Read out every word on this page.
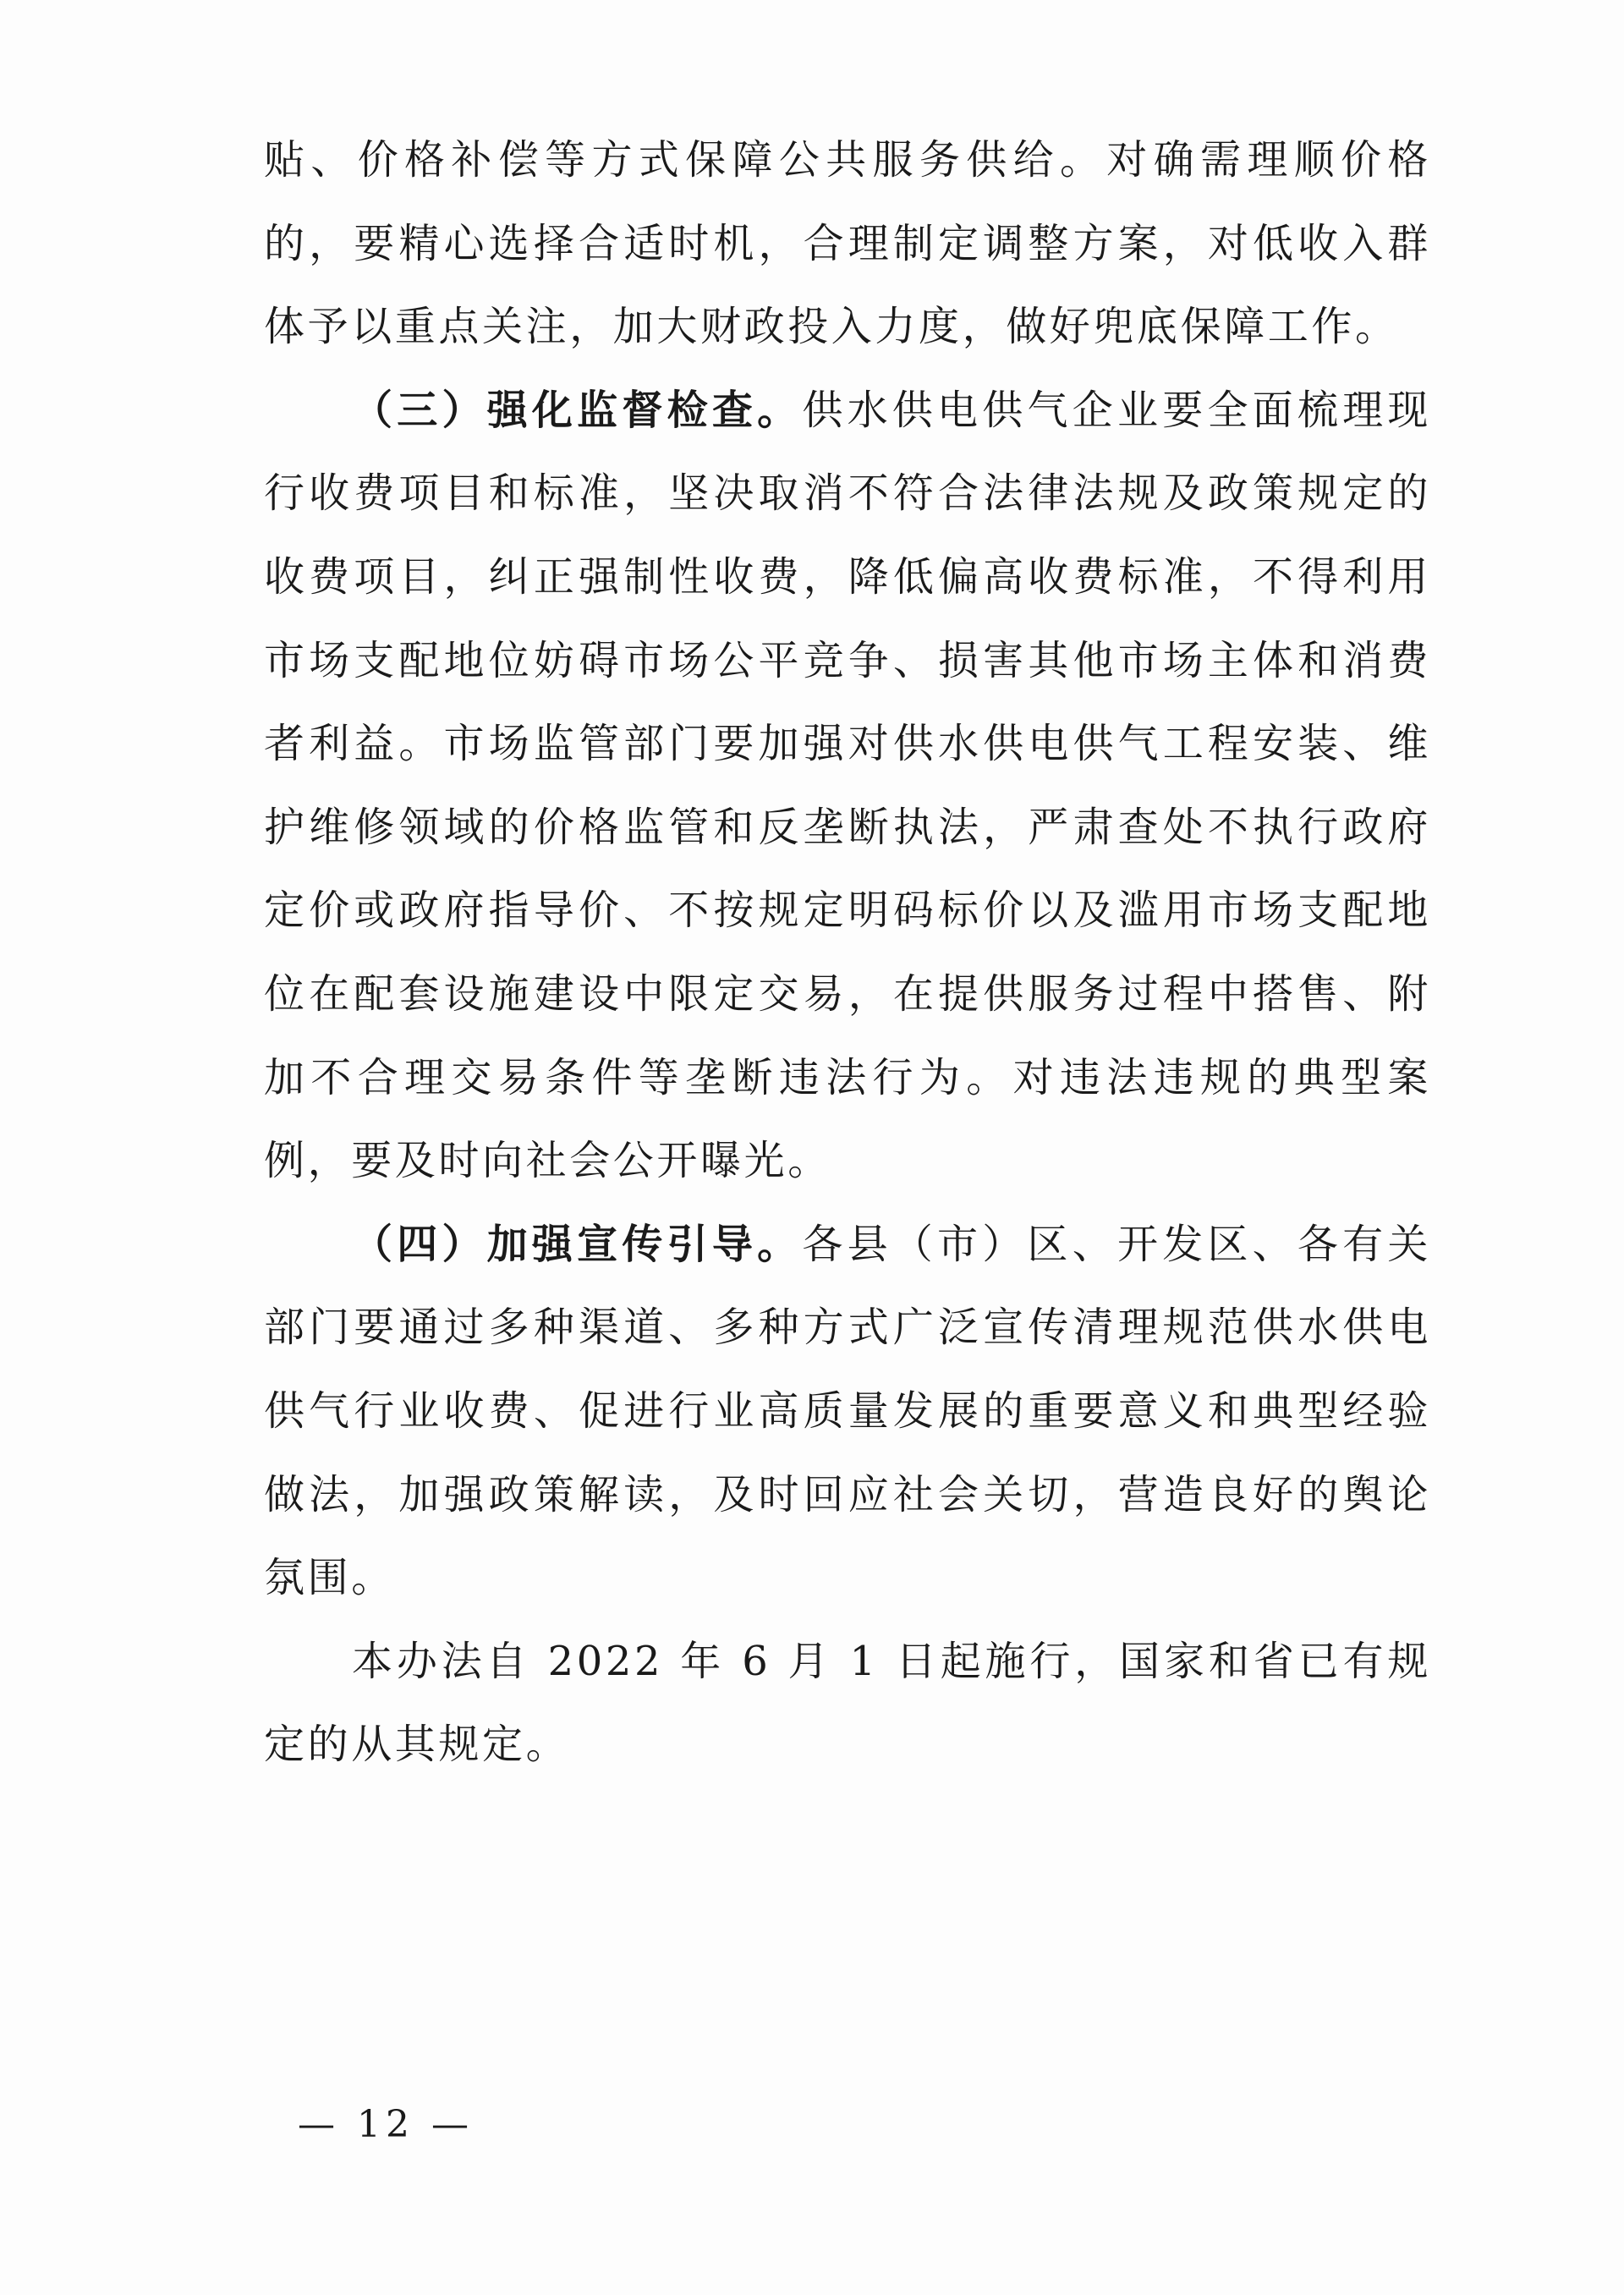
贴、价格补偿等方式保障公共服务供给。对确需理顺价格的，要精心选择合适时机，合理制定调整方案，对低收入群体予以重点关注，加大财政投入力度，做好兜底保障工作。

（三）强化监督检查。供水供电供气企业要全面梳理现行收费项目和标准，坚决取消不符合法律法规及政策规定的收费项目，纠正强制性收费，降低偏高收费标准，不得利用市场支配地位妨碍市场公平竞争、损害其他市场主体和消费者利益。市场监管部门要加强对供水供电供气工程安装、维护维修领域的价格监管和反垄断执法，严肃查处不执行政府定价或政府指导价、不按规定明码标价以及滥用市场支配地位在配套设施建设中限定交易，在提供服务过程中搭售、附加不合理交易条件等垄断违法行为。对违法违规的典型案例，要及时向社会公开曝光。

（四）加强宣传引导。各县（市）区、开发区、各有关部门要通过多种渠道、多种方式广泛宣传清理规范供水供电供气行业收费、促进行业高质量发展的重要意义和典型经验做法，加强政策解读，及时回应社会关切，营造良好的舆论氛围。

本办法自 2022 年 6 月 1 日起施行，国家和省已有规定的从其规定。

— 12 —
